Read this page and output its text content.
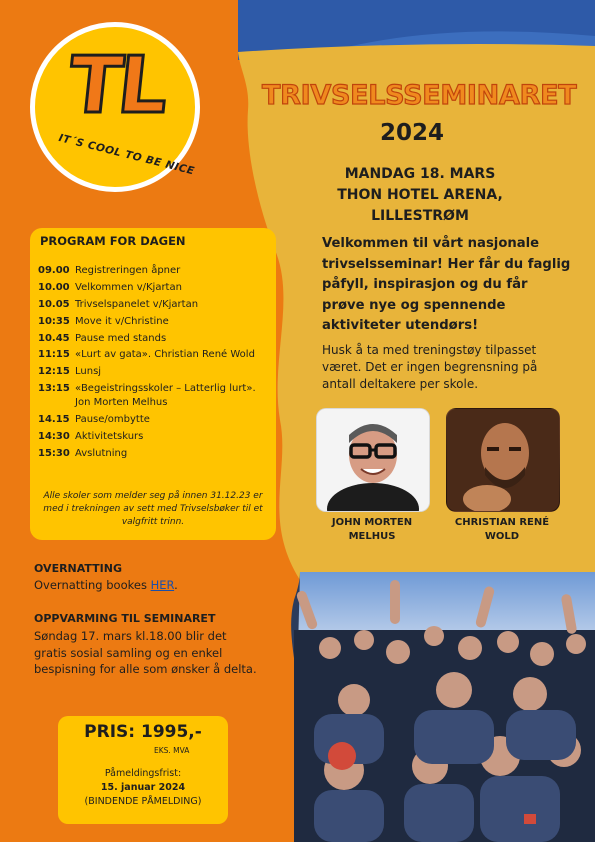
TL
IT´S COOL TO BE NICE
TRIVSELSSEMINARET
2024
MANDAG 18. MARS
THON HOTEL ARENA, LILLESTRØM
Velkommen til vårt nasjonale trivselsseminar! Her får du faglig påfyll, inspirasjon og du får prøve nye og spennende aktiviteter utendørs!
Husk å ta med treningstøy tilpasset været. Det er ingen begrensning på antall deltakere per skole.
JOHN MORTEN MELHUS
CHRISTIAN RENÉ WOLD
PROGRAM FOR DAGEN
09.00 Registreringen åpner
10.00 Velkommen v/Kjartan
10.05 Trivselspanelet v/Kjartan
10:35 Move it v/Christine
10.45 Pause med stands
11:15 «Lurt av gata». Christian René Wold
12:15 Lunsj
13:15 «Begeistringsskoler – Latterlig lurt». Jon Morten Melhus
14.15 Pause/ombytte
14:30 Aktivitetskurs
15:30 Avslutning
Alle skoler som melder seg på innen 31.12.23 er med i trekningen av sett med Trivselsbøker til et valgfritt trinn.
OVERNATTING
Overnatting bookes HER.
OPPVARMING TIL SEMINARET
Søndag 17. mars kl.18.00 blir det gratis sosial samling og en enkel bespisning for alle som ønsker å delta.
PRIS: 1995,-
EKS. MVA
Påmeldingsfrist:
15. januar 2024
(BINDENDE PÅMELDING)
